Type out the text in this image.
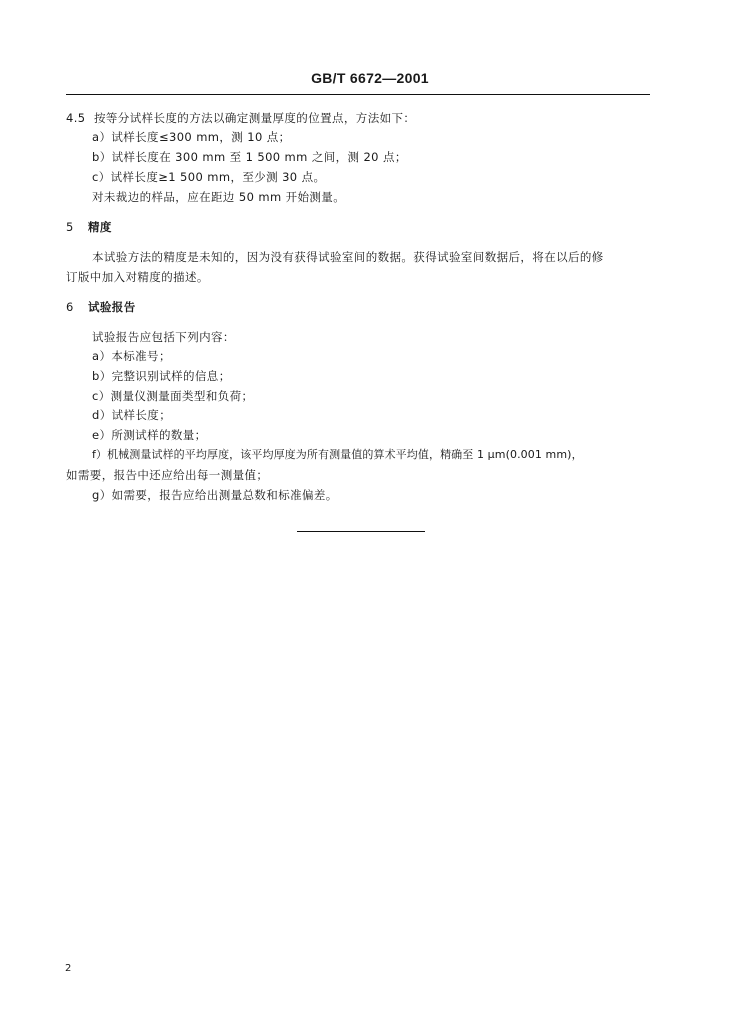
GB/T 6672—2001
4.5 按等分试样长度的方法以确定测量厚度的位置点，方法如下：
a）试样长度≤300 mm，测 10 点；
b）试样长度在 300 mm 至 1 500 mm 之间，测 20 点；
c）试样长度≥1 500 mm，至少测 30 点。
对未裁边的样品，应在距边 50 mm 开始测量。
5 精度
本试验方法的精度是未知的，因为没有获得试验室间的数据。获得试验室间数据后，将在以后的修
订版中加入对精度的描述。
6 试验报告
试验报告应包括下列内容：
a）本标准号；
b）完整识别试样的信息；
c）测量仪测量面类型和负荷；
d）试样长度；
e）所测试样的数量；
f）机械测量试样的平均厚度，该平均厚度为所有测量值的算术平均值，精确至 1 μm(0.001 mm)，
如需要，报告中还应给出每一测量值；
g）如需要，报告应给出测量总数和标准偏差。
2
